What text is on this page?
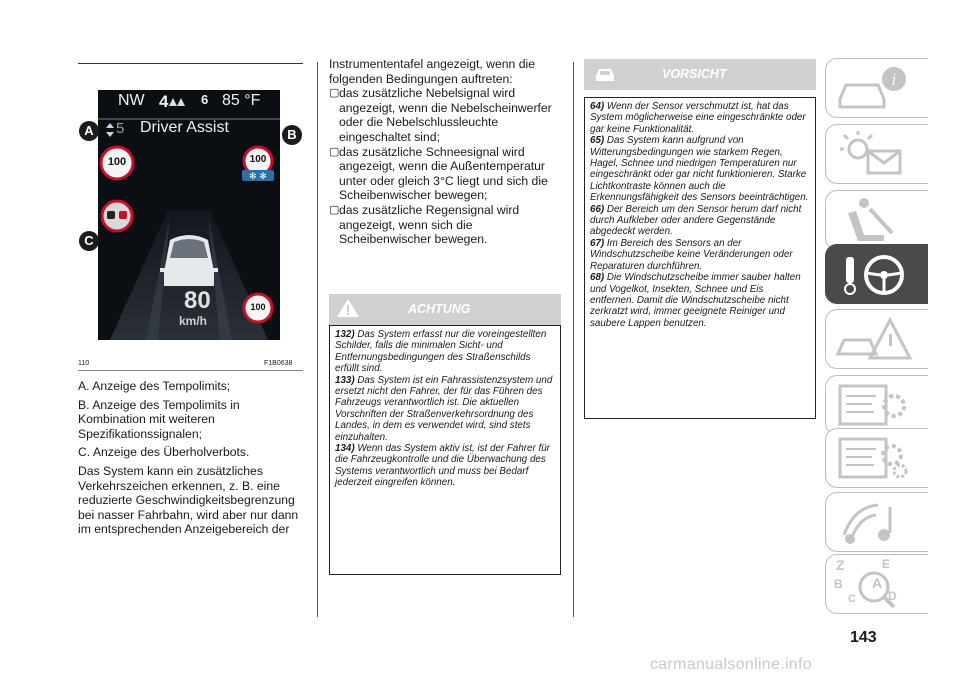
✻ ✻
NW 4	6 85 °F
5 Driver Assist
100	100
80
km/h
100
A	B
C
110	F1B0638

A. Anzeige des Tempolimits;

B. Anzeige des Tempolimits in Kombination mit weiteren Spezifikationssignalen;

C. Anzeige des Überholverbots.

Das System kann ein zusätzliches Verkehrszeichen erkennen, z. B. eine reduzierte Geschwindigkeitsbegrenzung bei nasser Fahrbahn, wird aber nur dann im entsprechenden Anzeigebereich der

Instrumententafel angezeigt, wenn die folgenden Bedingungen auftreten:
▢ das zusätzliche Nebelsignal wird angezeigt, wenn die Nebelscheinwerfer oder die Nebelschlussleuchte eingeschaltet sind;
▢ das zusätzliche Schneesignal wird angezeigt, wenn die Außentemperatur unter oder gleich 3°C liegt und sich die Scheibenwischer bewegen;
▢ das zusätzliche Regensignal wird angezeigt, wenn sich die Scheibenwischer bewegen.
ACHTUNG

132) Das System erfasst nur die voreingestellten Schilder, falls die minimalen Sicht- und Entfernungsbedingungen des Straßenschilds erfüllt sind.

133) Das System ist ein Fahrassistenzsystem und ersetzt nicht den Fahrer, der für das Führen des Fahrzeugs verantwortlich ist. Die aktuellen Vorschriften der Straßenverkehrsordnung des Landes, in dem es verwendet wird, sind stets einzuhalten.

134) Wenn das System aktiv ist, ist der Fahrer für die Fahrzeugkontrolle und die Überwachung des Systems verantwortlich und muss bei Bedarf jederzeit eingreifen können.

VORSICHT

64) Wenn der Sensor verschmutzt ist, hat das System möglicherweise eine eingeschränkte oder gar keine Funktionalität.

65) Das System kann aufgrund von Witterungsbedingungen wie starkem Regen, Hagel, Schnee und niedrigen Temperaturen nur eingeschränkt oder gar nicht funktionieren. Starke Lichtkontraste können auch die Erkennungsfähigkeit des Sensors beeinträchtigen.

66) Der Bereich um den Sensor herum darf nicht durch Aufkleber oder andere Gegenstände abgedeckt werden.

67) Im Bereich des Sensors an der Windschutzscheibe keine Veränderungen oder Reparaturen durchführen.

68) Die Windschutzscheibe immer sauber halten und Vogelkot, Insekten, Schnee und Eis entfernen. Damit die Windschutzscheibe nicht zerkratzt wird, immer geeignete Reiniger und saubere Lappen benutzen.

i
Z	E
B A
C	D
143
carmanualsonline.info
